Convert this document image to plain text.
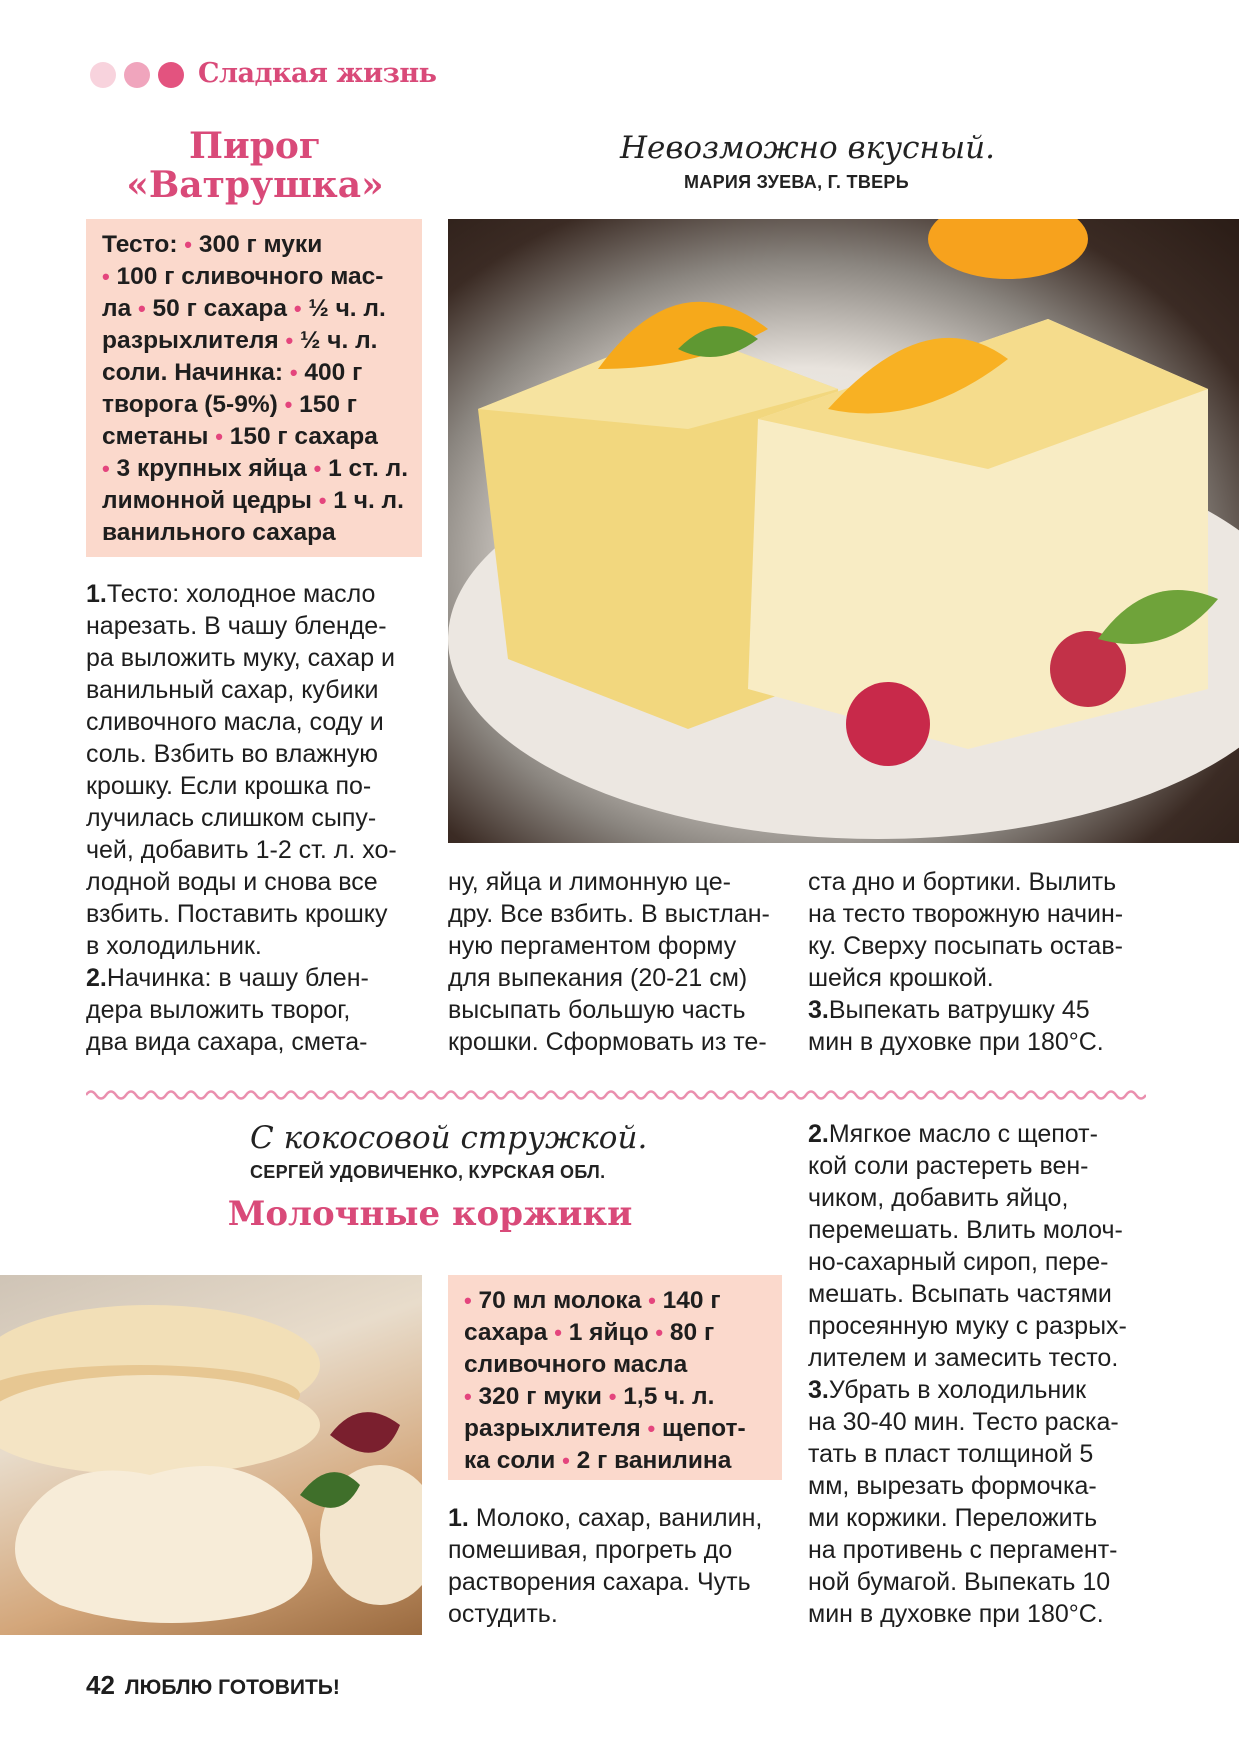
Сладкая жизнь
Пирог
«Ватрушка»
Невозможно вкусный.
МАРИЯ ЗУЕВА, Г. ТВЕРЬ
Тесто: • 300 г муки
• 100 г сливочного мас-
ла • 50 г сахара • ½ ч. л.
разрыхлителя • ½ ч. л.
соли. Начинка: • 400 г
творога (5-9%) • 150 г
сметаны • 150 г сахара
• 3 крупных яйца • 1 ст. л.
лимонной цедры • 1 ч. л.
ванильного сахара

1.Тесто: холодное масло

нарезать. В чашу бленде-

ра выложить муку, сахар и

ванильный сахар, кубики

сливочного масла, соду и

соль. Взбить во влажную

крошку. Если крошка по-

лучилась слишком сыпу-

чей, добавить 1-2 ст. л. хо-

лодной воды и снова все

взбить. Поставить крошку

в холодильник.

2.Начинка: в чашу блен-

дера выложить творог,

два вида сахара, смета-

ну, яйца и лимонную це-

дру. Все взбить. В выстлан-

ную пергаментом форму

для выпекания (20-21 см)

высыпать большую часть

крошки. Сформовать из те-

ста дно и бортики. Вылить

на тесто творожную начин-

ку. Сверху посыпать остав-

шейся крошкой.

3.Выпекать ватрушку 45

мин в духовке при 180°С.

С кокосовой стружкой.
СЕРГЕЙ УДОВИЧЕНКО, КУРСКАЯ ОБЛ.
Молочные коржики
• 70 мл молока • 140 г
сахара • 1 яйцо • 80 г
сливочного масла
• 320 г муки • 1,5 ч. л.
разрыхлителя • щепот-
ка соли • 2 г ванилина

1. Молоко, сахар, ванилин,

помешивая, прогреть до

растворения сахара. Чуть

остудить.

2.Мягкое масло с щепот-

кой соли растереть вен-

чиком, добавить яйцо,

перемешать. Влить молоч-

но-сахарный сироп, пере-

мешать. Всыпать частями

просеянную муку с разрых-

лителем и замесить тесто.

3.Убрать в холодильник

на 30-40 мин. Тесто раска-

тать в пласт толщиной 5

мм, вырезать формочка-

ми коржики. Переложить

на противень с пергамент-

ной бумагой. Выпекать 10

мин в духовке при 180°С.

42 ЛЮБЛЮ ГОТОВИТЬ!
